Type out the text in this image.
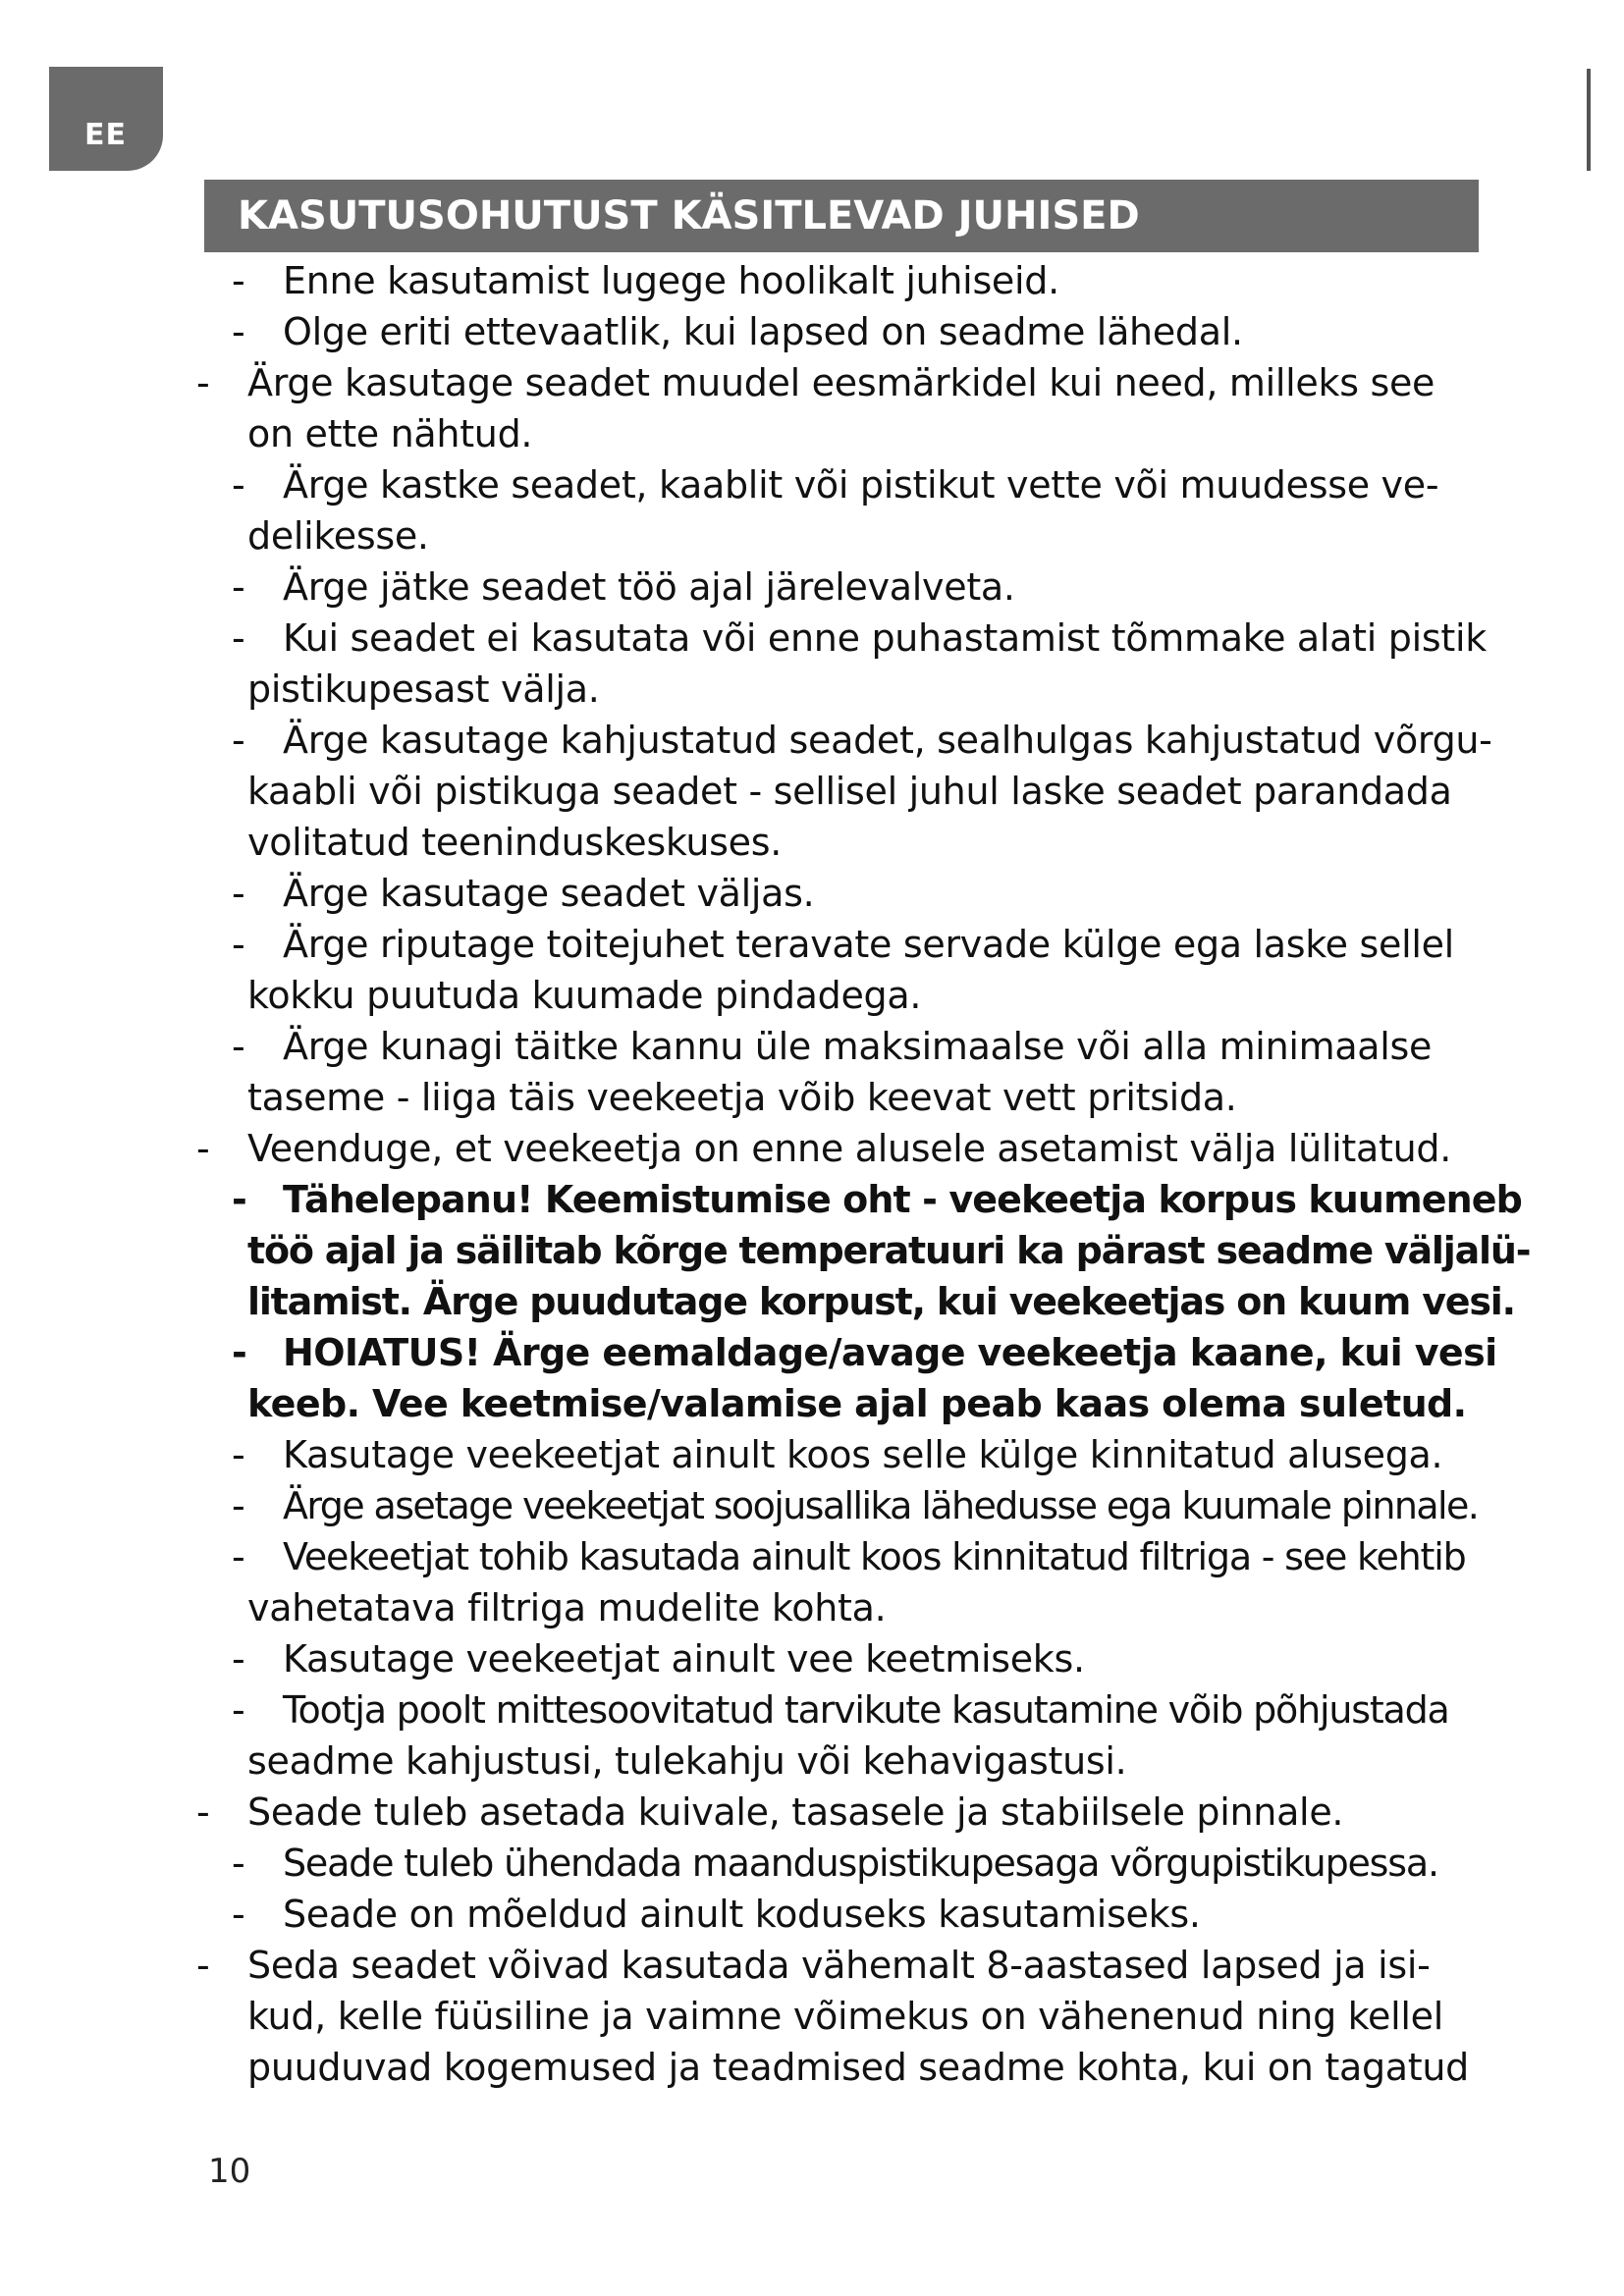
EE
KASUTUSOHUTUST KÄSITLEVAD JUHISED
-	Enne kasutamist lugege hoolikalt juhiseid.
-	Olge eriti ettevaatlik, kui lapsed on seadme lähedal.
-	Ärge kasutage seadet muudel eesmärkidel kui need, milleks see
on ette nähtud.
-	Ärge kastke seadet, kaablit või pistikut vette või muudesse ve-
delikesse.
-	Ärge jätke seadet töö ajal järelevalveta.
-	Kui seadet ei kasutata või enne puhastamist tõmmake alati pistik
pistikupesast välja.
-	Ärge kasutage kahjustatud seadet, sealhulgas kahjustatud võrgu-
kaabli või pistikuga seadet - sellisel juhul laske seadet parandada
volitatud teeninduskeskuses.
-	Ärge kasutage seadet väljas.
-	Ärge riputage toitejuhet teravate servade külge ega laske sellel
kokku puutuda kuumade pindadega.
-	Ärge kunagi täitke kannu üle maksimaalse või alla minimaalse
taseme - liiga täis veekeetja võib keevat vett pritsida.
-	Veenduge, et veekeetja on enne alusele asetamist välja lülitatud.
- Tähelepanu! Keemistumise oht - veekeetja korpus kuumeneb
töö ajal ja säilitab kõrge temperatuuri ka pärast seadme väljalü-
litamist. Ärge puudutage korpust, kui veekeetjas on kuum vesi.
- HOIATUS! Ärge eemaldage/avage veekeetja kaane, kui vesi
keeb. Vee keetmise/valamise ajal peab kaas olema suletud.
-	Kasutage veekeetjat ainult koos selle külge kinnitatud alusega.
-	Ärge asetage veekeetjat soojusallika lähedusse ega kuumale pinnale.
-	Veekeetjat tohib kasutada ainult koos kinnitatud filtriga - see kehtib
vahetatava filtriga mudelite kohta.
-	Kasutage veekeetjat ainult vee keetmiseks.
-	Tootja poolt mittesoovitatud tarvikute kasutamine võib põhjustada
seadme kahjustusi, tulekahju või kehavigastusi.
-	Seade tuleb asetada kuivale, tasasele ja stabiilsele pinnale.
-	Seade tuleb ühendada maanduspistikupesaga võrgupistikupessa.
-	Seade on mõeldud ainult koduseks kasutamiseks.
-	Seda seadet võivad kasutada vähemalt 8-aastased lapsed ja isi-
kud, kelle füüsiline ja vaimne võimekus on vähenenud ning kellel
puuduvad kogemused ja teadmised seadme kohta, kui on tagatud
10
